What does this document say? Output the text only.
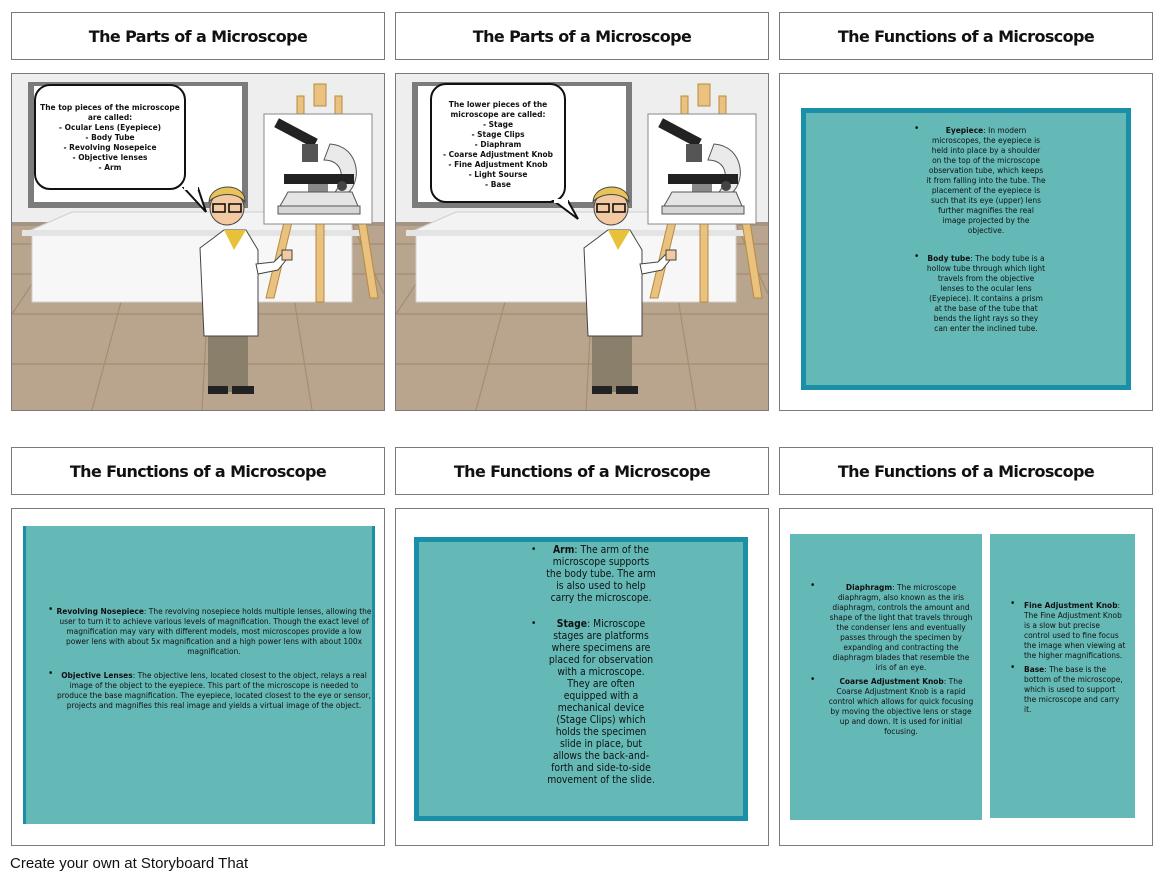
The Parts of a Microscope	The Parts of a Microscope	The Functions of a Microscope
The Functions of a Microscope	The Functions of a Microscope	The Functions of a Microscope
The top pieces of the microscope
are called:
- Ocular Lens (Eyepiece)
- Body Tube
- Revolving Nosepeice
- Objective lenses
- Arm
The lower pieces of the
microscope are called:
- Stage
- Stage Clips
- Diaphram
- Coarse Adjustment Knob
- Fine Adjustment Knob
- Light Sourse
- Base
•	Eyepiece: In modern microscopes, the eyepiece is held into place by a shoulder on the top of the microscope observation tube, which keeps it from falling into the tube. The placement of the eyepiece is such that its eye (upper) lens further magnifies the real image projected by the objective.
• Body tube: The body tube is a hollow tube through which light travels from the objective lenses to the ocular lens (Eyepiece). It contains a prism at the base of the tube that bends the light rays so they can enter the inclined tube.
• Revolving Nosepiece: The revolving nosepiece holds multiple lenses, allowing the user to turn it to achieve various levels of magnification. Though the exact level of magnification may vary with different models, most microscopes provide a low power lens with about 5x magnification and a high power lens with about 100x magnification.
• Objective Lenses: The objective lens, located closest to the object, relays a real image of the object to the eyepiece. This part of the microscope is needed to produce the base magnification. The eyepiece, located closest to the eye or sensor, projects and magnifies this real image and yields a virtual image of the object.
• Arm: The arm of the microscope supports the body tube. The arm is also used to help carry the microscope.
• Stage: Microscope stages are platforms where specimens are placed for observation with a microscope. They are often equipped with a mechanical device (Stage Clips) which holds the specimen slide in place, but allows the back-and-forth and side-to-side movement of the slide.
•	Diaphragm: The microscope diaphragm, also known as the iris diaphragm, controls the amount and shape of the light that travels through the condenser lens and eventually passes through the specimen by expanding and contracting the diaphragm blades that resemble the iris of an eye.
•	Coarse Adjustment Knob: The Coarse Adjustment Knob is a rapid control which allows for quick focusing by moving the objective lens or stage up and down. It is used for initial focusing.
• Fine Adjustment Knob: The Fine Adjustment Knob is a slow but precise control used to fine focus the image when viewing at the higher magnifications.
• Base: The base is the bottom of the microscope, which is used to support the microscope and carry it.
Create your own at Storyboard That
